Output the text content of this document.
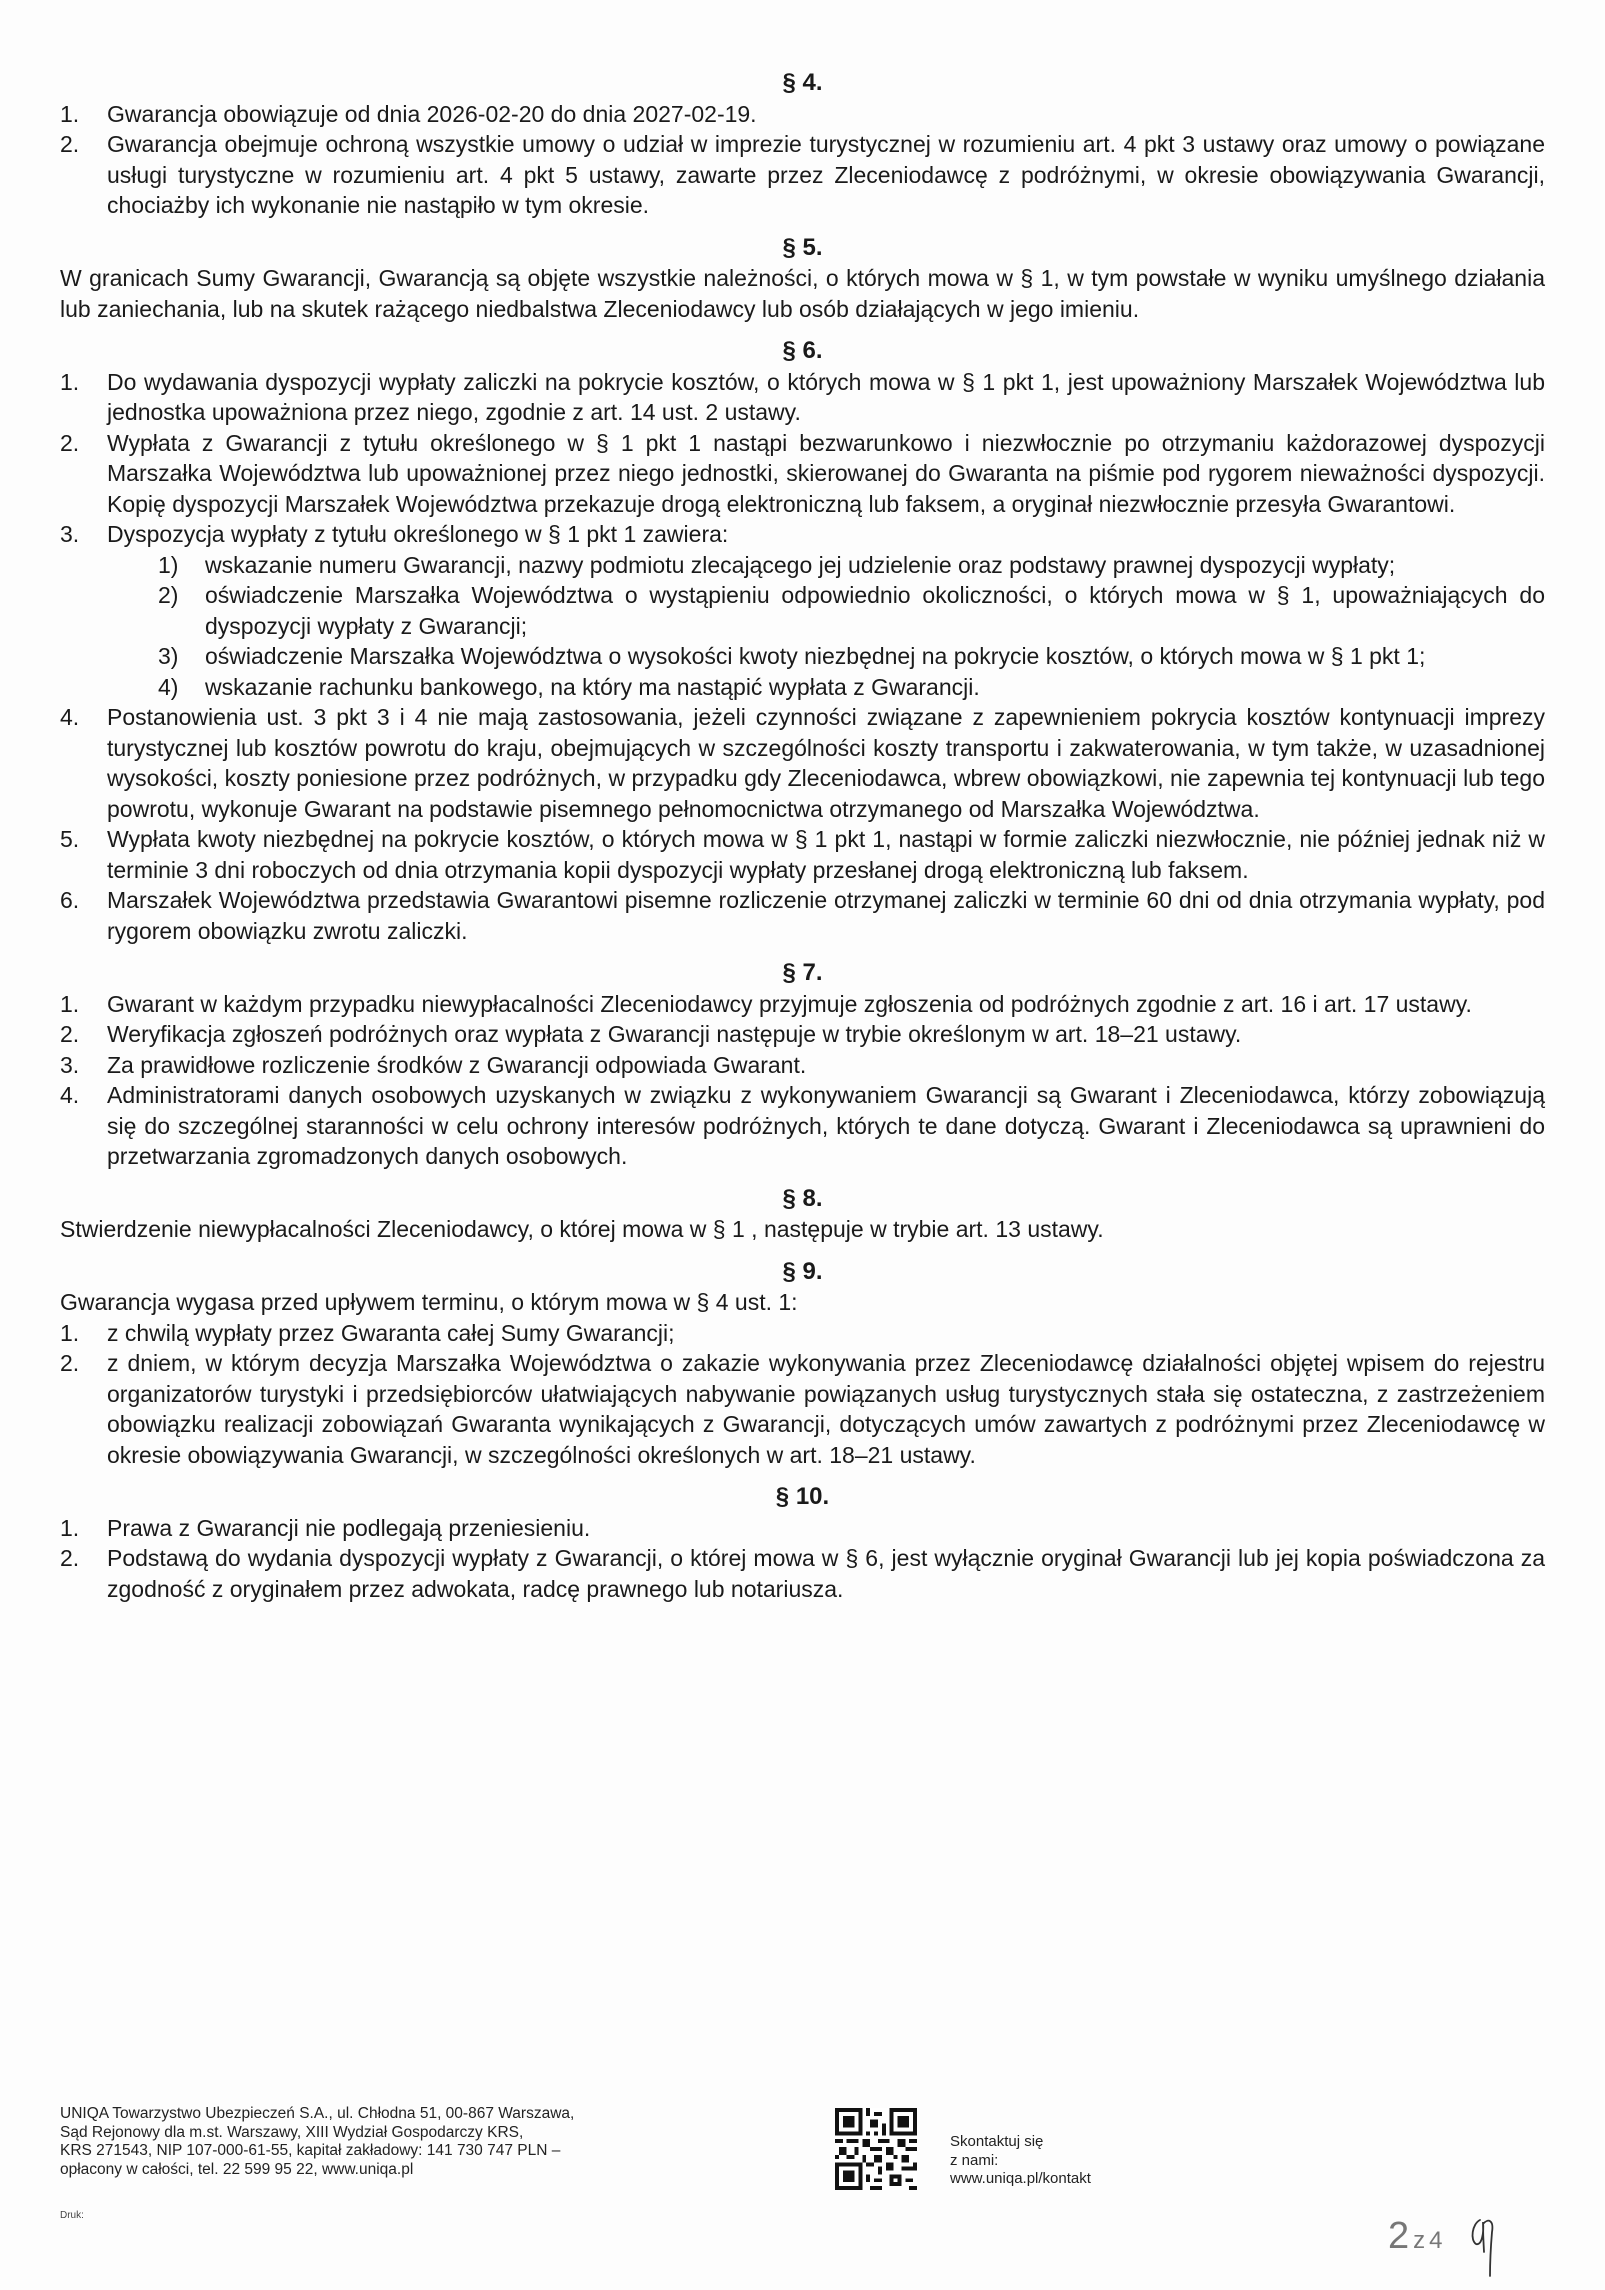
§ 4.
1. Gwarancja obowiązuje od dnia 2026-02-20 do dnia 2027-02-19.
2. Gwarancja obejmuje ochroną wszystkie umowy o udział w imprezie turystycznej w rozumieniu art. 4 pkt 3 ustawy oraz umowy o powiązane usługi turystyczne w rozumieniu art. 4 pkt 5 ustawy, zawarte przez Zleceniodawcę z podróżnymi, w okresie obowiązywania Gwarancji, chociażby ich wykonanie nie nastąpiło w tym okresie.
§ 5.

W granicach Sumy Gwarancji, Gwarancją są objęte wszystkie należności, o których mowa w § 1, w tym powstałe w wyniku umyślnego działania lub zaniechania, lub na skutek rażącego niedbalstwa Zleceniodawcy lub osób działających w jego imieniu.

§ 6.
1. Do wydawania dyspozycji wypłaty zaliczki na pokrycie kosztów, o których mowa w § 1 pkt 1, jest upoważniony Marszałek Województwa lub jednostka upoważniona przez niego, zgodnie z art. 14 ust. 2 ustawy.
2. Wypłata z Gwarancji z tytułu określonego w § 1 pkt 1 nastąpi bezwarunkowo i niezwłocznie po otrzymaniu każdorazowej dyspozycji Marszałka Województwa lub upoważnionej przez niego jednostki, skierowanej do Gwaranta na piśmie pod rygorem nieważności dyspozycji. Kopię dyspozycji Marszałek Województwa przekazuje drogą elektroniczną lub faksem, a oryginał niezwłocznie przesyła Gwarantowi.
3. Dyspozycja wypłaty z tytułu określonego w § 1 pkt 1 zawiera:
1) wskazanie numeru Gwarancji, nazwy podmiotu zlecającego jej udzielenie oraz podstawy prawnej dyspozycji wypłaty;
2) oświadczenie Marszałka Województwa o wystąpieniu odpowiednio okoliczności, o których mowa w § 1, upoważniających do dyspozycji wypłaty z Gwarancji;
3) oświadczenie Marszałka Województwa o wysokości kwoty niezbędnej na pokrycie kosztów, o których mowa w § 1 pkt 1;
4) wskazanie rachunku bankowego, na który ma nastąpić wypłata z Gwarancji.
4. Postanowienia ust. 3 pkt 3 i 4 nie mają zastosowania, jeżeli czynności związane z zapewnieniem pokrycia kosztów kontynuacji imprezy turystycznej lub kosztów powrotu do kraju, obejmujących w szczególności koszty transportu i zakwaterowania, w tym także, w uzasadnionej wysokości, koszty poniesione przez podróżnych, w przypadku gdy Zleceniodawca, wbrew obowiązkowi, nie zapewnia tej kontynuacji lub tego powrotu, wykonuje Gwarant na podstawie pisemnego pełnomocnictwa otrzymanego od Marszałka Województwa.
5. Wypłata kwoty niezbędnej na pokrycie kosztów, o których mowa w § 1 pkt 1, nastąpi w formie zaliczki niezwłocznie, nie później jednak niż w terminie 3 dni roboczych od dnia otrzymania kopii dyspozycji wypłaty przesłanej drogą elektroniczną lub faksem.
6. Marszałek Województwa przedstawia Gwarantowi pisemne rozliczenie otrzymanej zaliczki w terminie 60 dni od dnia otrzymania wypłaty, pod rygorem obowiązku zwrotu zaliczki.
§ 7.
1. Gwarant w każdym przypadku niewypłacalności Zleceniodawcy przyjmuje zgłoszenia od podróżnych zgodnie z art. 16 i art. 17 ustawy.
2. Weryfikacja zgłoszeń podróżnych oraz wypłata z Gwarancji następuje w trybie określonym w art. 18–21 ustawy.
3. Za prawidłowe rozliczenie środków z Gwarancji odpowiada Gwarant.
4. Administratorami danych osobowych uzyskanych w związku z wykonywaniem Gwarancji są Gwarant i Zleceniodawca, którzy zobowiązują się do szczególnej staranności w celu ochrony interesów podróżnych, których te dane dotyczą. Gwarant i Zleceniodawca są uprawnieni do przetwarzania zgromadzonych danych osobowych.
§ 8.

Stwierdzenie niewypłacalności Zleceniodawcy, o której mowa w § 1 , następuje w trybie art. 13 ustawy.

§ 9.

Gwarancja wygasa przed upływem terminu, o którym mowa w § 4 ust. 1:

1. z chwilą wypłaty przez Gwaranta całej Sumy Gwarancji;
2. z dniem, w którym decyzja Marszałka Województwa o zakazie wykonywania przez Zleceniodawcę działalności objętej wpisem do rejestru organizatorów turystyki i przedsiębiorców ułatwiających nabywanie powiązanych usług turystycznych stała się ostateczna, z zastrzeżeniem obowiązku realizacji zobowiązań Gwaranta wynikających z Gwarancji, dotyczących umów zawartych z podróżnymi przez Zleceniodawcę w okresie obowiązywania Gwarancji, w szczególności określonych w art. 18–21 ustawy.
§ 10.
1. Prawa z Gwarancji nie podlegają przeniesieniu.
2. Podstawą do wydania dyspozycji wypłaty z Gwarancji, o której mowa w § 6, jest wyłącznie oryginał Gwarancji lub jej kopia poświadczona za zgodność z oryginałem przez adwokata, radcę prawnego lub notariusza.
UNIQA Towarzystwo Ubezpieczeń S.A., ul. Chłodna 51, 00-867 Warszawa,
Sąd Rejonowy dla m.st. Warszawy, XIII Wydział Gospodarczy KRS,
KRS 271543, NIP 107-000-61-55, kapitał zakładowy: 141 730 747 PLN –
opłacony w całości, tel. 22 599 95 22, www.uniqa.pl
Druk:
Skontaktuj się
z nami:
www.uniqa.pl/kontakt
2 z 4
